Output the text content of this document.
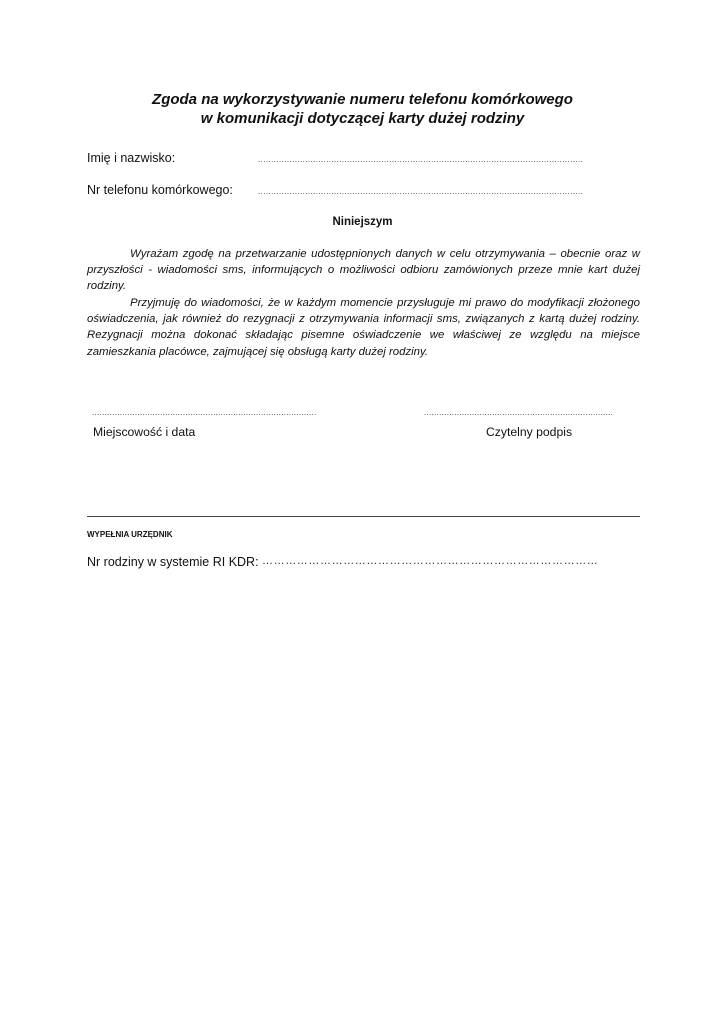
Zgoda na wykorzystywanie numeru telefonu komórkowego
w komunikacji dotyczącej karty dużej rodziny
Imię i nazwisko:	............................................................................................................................
Nr telefonu komórkowego:	............................................................................................................................
Niniejszym

Wyrażam zgodę na przetwarzanie udostępnionych danych w celu otrzymywania – obecnie oraz w przyszłości - wiadomości sms, informujących o możliwości odbioru zamówionych przeze mnie kart dużej rodziny.

Przyjmuję do wiadomości, że w każdym momencie przysługuje mi prawo do modyfikacji złożonego oświadczenia, jak również do rezygnacji z otrzymywania informacji sms, związanych z kartą dużej rodziny. Rezygnacji można dokonać składając pisemne oświadczenie we właściwej ze względu na miejsce zamieszkania placówce, zajmującej się obsługą karty dużej rodziny.

.........................................................................................	...........................................................................
Miejscowość i data	Czytelny podpis
WYPEŁNIA URZĘDNIK
Nr rodziny w systemie RI KDR: ……………………………………………………………………………
